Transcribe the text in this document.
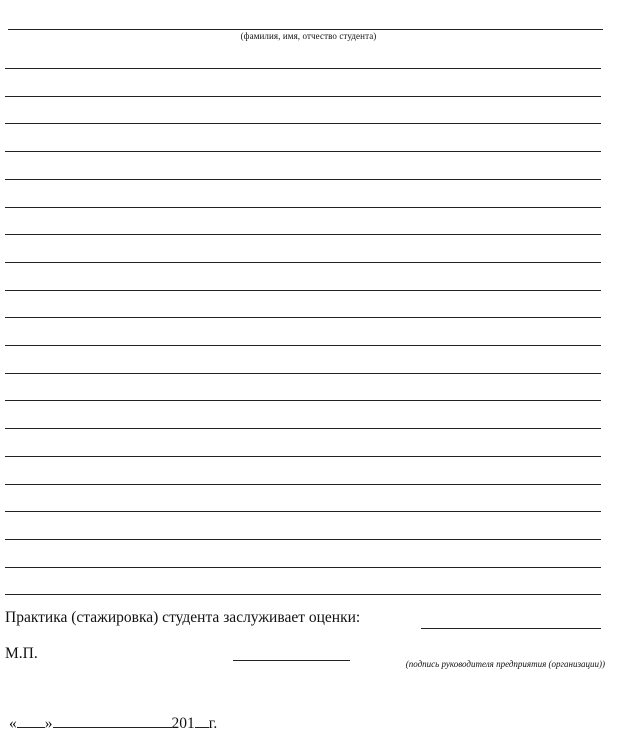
(фамилия, имя, отчество студента)
Практика (стажировка) студента заслуживает оценки:
М.П.
(подпись руководителя предприятия (организации))
« »	201 г.
